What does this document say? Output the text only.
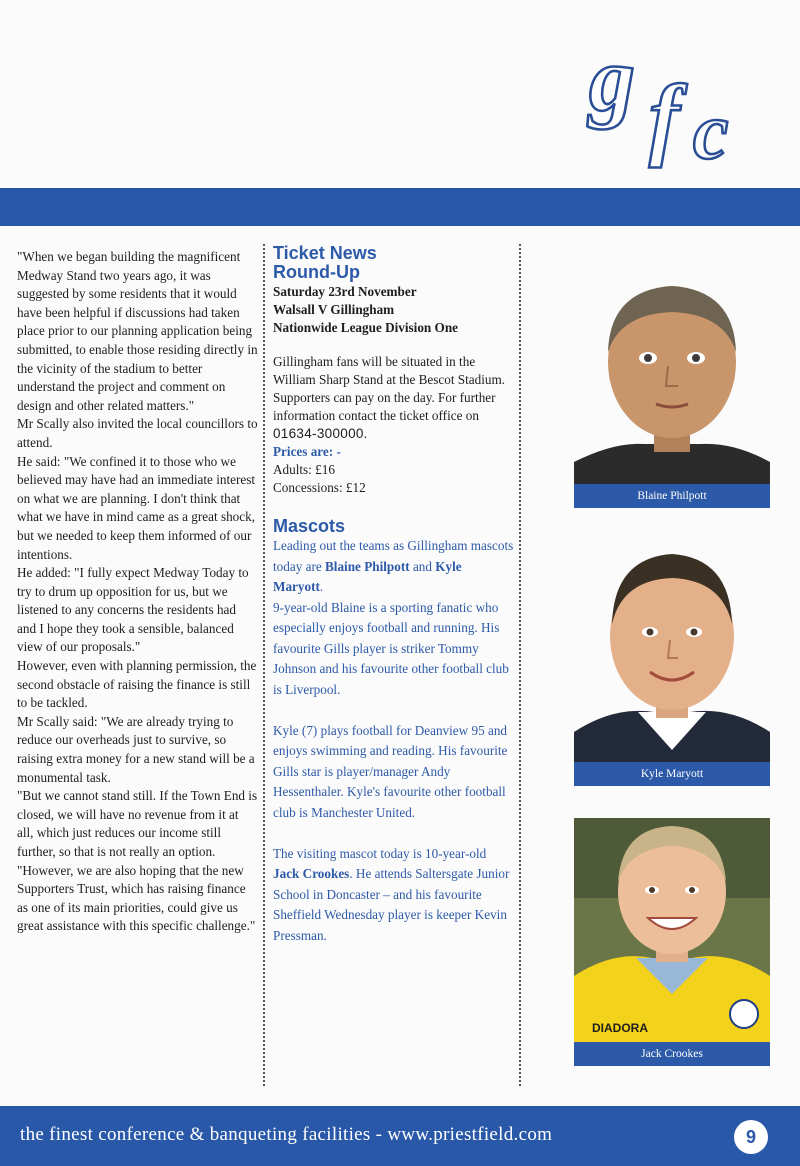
g f c

"When we began building the magnificent Medway Stand two years ago, it was suggested by some residents that it would have been helpful if discussions had taken place prior to our planning application being submitted, to enable those residing directly in the vicinity of the stadium to better understand the project and comment on design and other related matters."

Mr Scally also invited the local councillors to attend.

He said: "We confined it to those who we believed may have had an immediate interest on what we are planning. I don't think that what we have in mind came as a great shock, but we needed to keep them informed of our intentions.

He added: "I fully expect Medway Today to try to drum up opposition for us, but we listened to any concerns the residents had and I hope they took a sensible, balanced view of our proposals."

However, even with planning permission, the second obstacle of raising the finance is still to be tackled.

Mr Scally said: "We are already trying to reduce our overheads just to survive, so raising extra money for a new stand will be a monumental task.

"But we cannot stand still. If the Town End is closed, we will have no revenue from it at all, which just reduces our income still further, so that is not really an option.

"However, we are also hoping that the new Supporters Trust, which has raising finance as one of its main priorities, could give us great assistance with this specific challenge."

Ticket News
Round-Up
Saturday 23rd November
Walsall V Gillingham
Nationwide League Division One

Gillingham fans will be situated in the William Sharp Stand at the Bescot Stadium.

Supporters can pay on the day. For further information contact the ticket office on 01634-300000.

Prices are: -

Adults: £16

Concessions: £12

Mascots

Leading out the teams as Gillingham mascots today are Blaine Philpott and Kyle Maryott.

9-year-old Blaine is a sporting fanatic who especially enjoys football and running. His favourite Gills player is striker Tommy Johnson and his favourite other football club is Liverpool.

Kyle (7) plays football for Deanview 95 and enjoys swimming and reading. His favourite Gills star is player/manager Andy Hessenthaler. Kyle's favourite other football club is Manchester United.

The visiting mascot today is 10-year-old Jack Crookes. He attends Saltersgate Junior School in Doncaster – and his favourite Sheffield Wednesday player is keeper Kevin Pressman.

Blaine Philpott
Kyle Maryott
DIADORA
Jack Crookes
the finest conference & banqueting facilities - www.priestfield.com	9
